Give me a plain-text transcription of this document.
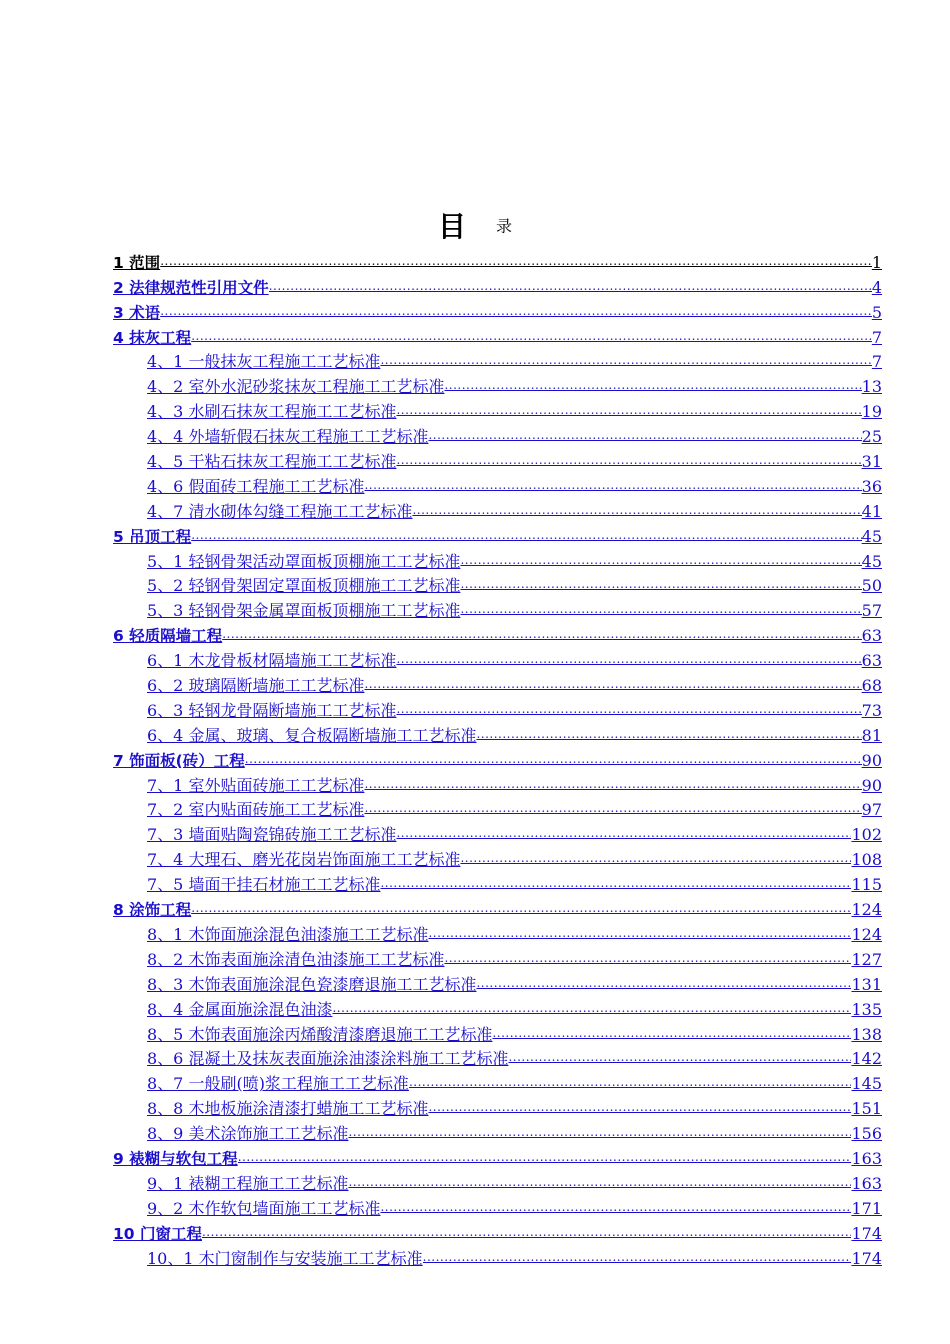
目 录
1 范围 .....	1
2 法律规范性引用文件 .....	4
3 术语 .....	5
4 抹灰工程 .....	7
4、1 一般抹灰工程施工工艺标准 .....	7
4、2 室外水泥砂浆抹灰工程施工工艺标准 .....	13
4、3 水刷石抹灰工程施工工艺标准 .....	19
4、4 外墙斩假石抹灰工程施工工艺标准 .....	25
4、5 干粘石抹灰工程施工工艺标准 .....	31
4、6 假面砖工程施工工艺标准 .....	36
4、7 清水砌体勾缝工程施工工艺标准 .....	41
5 吊顶工程 .....	45
5、1 轻钢骨架活动罩面板顶棚施工工艺标准 .....	45
5、2 轻钢骨架固定罩面板顶棚施工工艺标准 .....	50
5、3 轻钢骨架金属罩面板顶棚施工工艺标准 .....	57
6 轻质隔墙工程 .....	63
6、1 木龙骨板材隔墙施工工艺标准 .....	63
6、2 玻璃隔断墙施工工艺标准 .....	68
6、3 轻钢龙骨隔断墙施工工艺标准 .....	73
6、4 金属、玻璃、复合板隔断墙施工工艺标准 .....	81
7 饰面板(砖）工程 .....	90
7、1 室外贴面砖施工工艺标准 .....	90
7、2 室内贴面砖施工工艺标准 .....	97
7、3 墙面贴陶瓷锦砖施工工艺标准 .....	102
7、4 大理石、磨光花岗岩饰面施工工艺标准 .....	108
7、5 墙面干挂石材施工工艺标准 .....	115
8 涂饰工程 .....	124
8、1 木饰面施涂混色油漆施工工艺标准 .....	124
8、2 木饰表面施涂清色油漆施工工艺标准 .....	127
8、3 木饰表面施涂混色瓷漆磨退施工工艺标准 .....	131
8、4 金属面施涂混色油漆 .....	135
8、5 木饰表面施涂丙烯酸清漆磨退施工工艺标准 .....	138
8、6 混凝土及抹灰表面施涂油漆涂料施工工艺标准 .....	142
8、7 一般刷(喷)浆工程施工工艺标准 .....	145
8、8 木地板施涂清漆打蜡施工工艺标准 .....	151
8、9 美术涂饰施工工艺标准 .....	156
9 裱糊与软包工程 .....	163
9、1 裱糊工程施工工艺标准 .....	163
9、2 木作软包墙面施工工艺标准 .....	171
10 门窗工程 .....	174
10、1 木门窗制作与安装施工工艺标准 .....	174
